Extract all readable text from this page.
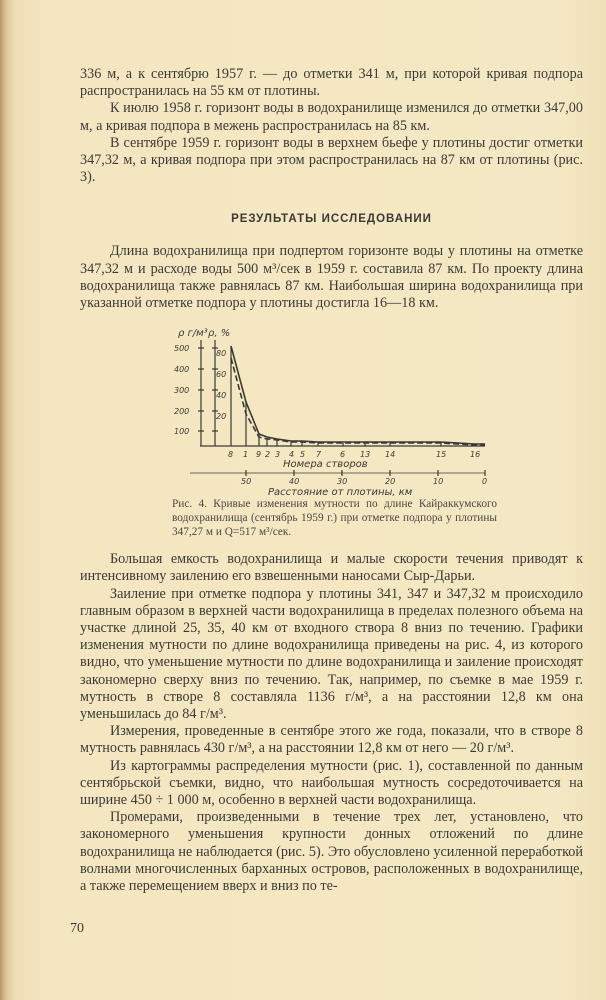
336 м, а к сентябрю 1957 г. — до отметки 341 м, при которой кривая подпора распространилась на 55 км от плотины.

К июлю 1958 г. горизонт воды в водохранилище изменился до отметки 347,00 м, а кривая подпора в межень распространилась на 85 км.

В сентябре 1959 г. горизонт воды в верхнем бьефе у плотины достиг отметки 347,32 м, а кривая подпора при этом распространилась на 87 км от плотины (рис. 3).

РЕЗУЛЬТАТЫ ИССЛЕДОВАНИИ

Длина водохранилища при подпертом горизонте воды у плотины на отметке 347,32 м и расходе воды 500 м³/сек в 1959 г. составила 87 км. По проекту длина водохранилища также равнялась 87 км. Наибольшая ширина водохранилища при указанной отметке подпора у плотины достигла 16—18 км.

ρ г/м³ ρ, %
500
400
300
200
100
80
60
40
20
8 1 9 2 3 4 5 7 6 13 14	15	16
Номера створов
50	40	30	20	10	0
Расстояние от плотины, км
Рис. 4. Кривые изменения мутности по длине Кайраккумского водохранилища (сентябрь 1959 г.) при отметке подпора у плотины 347,27 м и Q=517 м³/сек.

Большая емкость водохранилища и малые скорости течения приводят к интенсивному заилению его взвешенными наносами Сыр-Дарьи.

Заиление при отметке подпора у плотины 341, 347 и 347,32 м происходило главным образом в верхней части водохранилища в пределах полезного объема на участке длиной 25, 35, 40 км от входного створа 8 вниз по течению. Графики изменения мутности по длине водохранилища приведены на рис. 4, из которого видно, что уменьшение мутности по длине водохранилища и заиление происходят закономерно сверху вниз по течению. Так, например, по съемке в мае 1959 г. мутность в створе 8 составляла 1136 г/м³, а на расстоянии 12,8 км она уменьшилась до 84 г/м³.

Измерения, проведенные в сентябре этого же года, показали, что в створе 8 мутность равнялась 430 г/м³, а на расстоянии 12,8 км от него — 20 г/м³.

Из картограммы распределения мутности (рис. 1), составленной по данным сентябрьской съемки, видно, что наибольшая мутность сосредоточивается на ширине 450 ÷ 1 000 м, особенно в верхней части водохранилища.

Промерами, произведенными в течение трех лет, установлено, что закономерного уменьшения крупности донных отложений по длине водохранилища не наблюдается (рис. 5). Это обусловлено усиленной переработкой волнами многочисленных барханных островов, расположенных в водохранилище, а также перемещением вверх и вниз по те-

70
